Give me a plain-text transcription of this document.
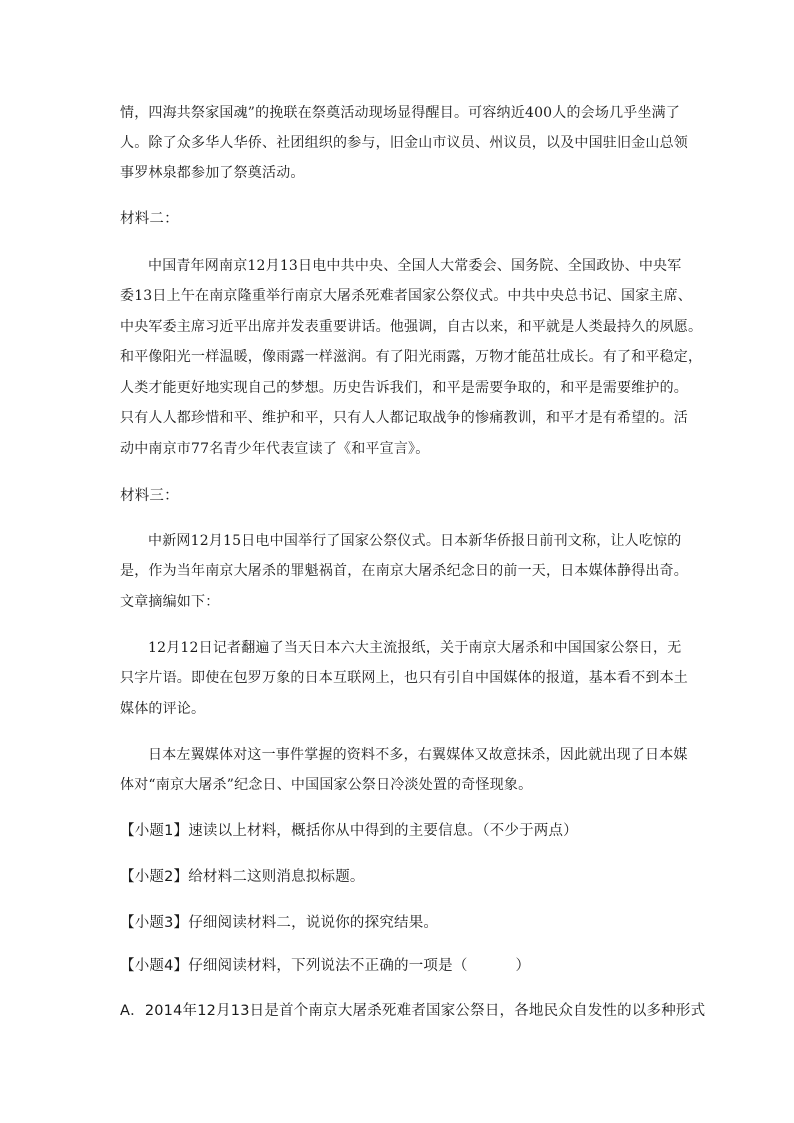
情，四海共祭家国魂”的挽联在祭奠活动现场显得醒目。可容纳近400人的会场几乎坐满了
人。除了众多华人华侨、社团组织的参与，旧金山市议员、州议员，以及中国驻旧金山总领
事罗林泉都参加了祭奠活动。
材料二：
中国青年网南京12月13日电中共中央、全国人大常委会、国务院、全国政协、中央军
委13日上午在南京隆重举行南京大屠杀死难者国家公祭仪式。中共中央总书记、国家主席、
中央军委主席习近平出席并发表重要讲话。他强调，自古以来，和平就是人类最持久的夙愿。
和平像阳光一样温暖，像雨露一样滋润。有了阳光雨露，万物才能茁壮成长。有了和平稳定，
人类才能更好地实现自己的梦想。历史告诉我们，和平是需要争取的，和平是需要维护的。
只有人人都珍惜和平、维护和平，只有人人都记取战争的惨痛教训，和平才是有希望的。活
动中南京市77名青少年代表宣读了《和平宣言》。
材料三：
中新网12月15日电中国举行了国家公祭仪式。日本新华侨报日前刊文称，让人吃惊的
是，作为当年南京大屠杀的罪魁祸首，在南京大屠杀纪念日的前一天，日本媒体静得出奇。
文章摘编如下：
12月12日记者翻遍了当天日本六大主流报纸，关于南京大屠杀和中国国家公祭日，无
只字片语。即使在包罗万象的日本互联网上，也只有引自中国媒体的报道，基本看不到本土
媒体的评论。
日本左翼媒体对这一事件掌握的资料不多，右翼媒体又故意抹杀，因此就出现了日本媒
体对“南京大屠杀”纪念日、中国国家公祭日冷淡处置的奇怪现象。
【小题1】速读以上材料，概括你从中得到的主要信息。（不少于两点）
【小题2】给材料二这则消息拟标题。
【小题3】仔细阅读材料二，说说你的探究结果。
【小题4】仔细阅读材料，下列说法不正确的一项是（	）
A．2014年12月13日是首个南京大屠杀死难者国家公祭日，各地民众自发性的以多种形式
